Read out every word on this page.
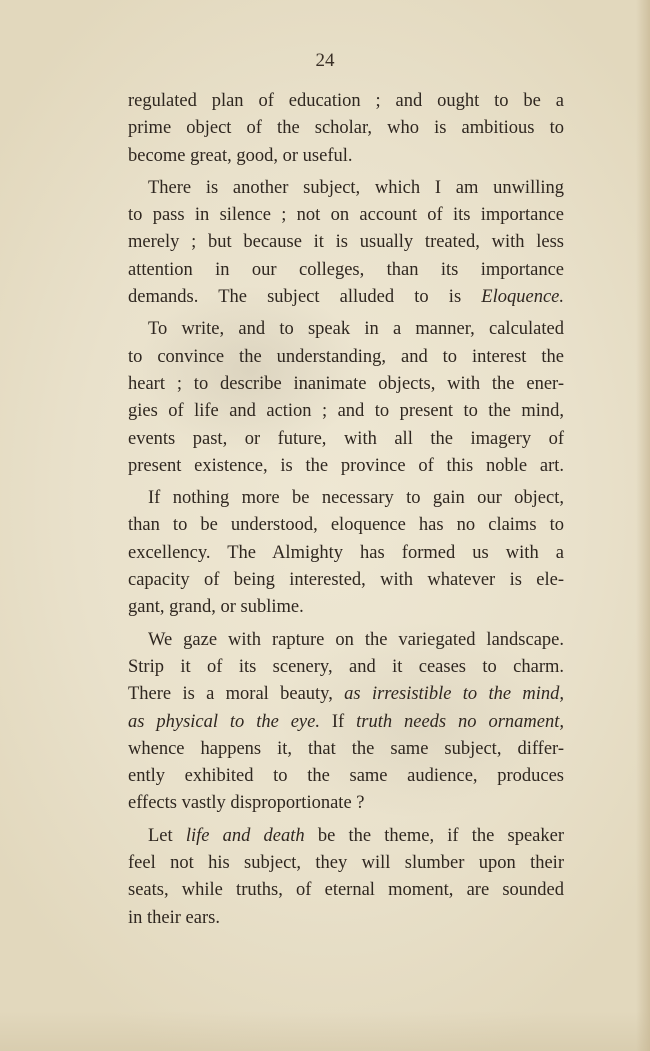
24
regulated plan of education ; and ought to be a
prime object of the scholar, who is ambitious to
become great, good, or useful.
There is another subject, which I am unwilling
to pass in silence ; not on account of its importance
merely ; but because it is usually treated, with less
attention in our colleges, than its importance
demands. The subject alluded to is Eloquence.
To write, and to speak in a manner, calculated
to convince the understanding, and to interest the
heart ; to describe inanimate objects, with the ener-
gies of life and action ; and to present to the mind,
events past, or future, with all the imagery of
present existence, is the province of this noble art.
If nothing more be necessary to gain our object,
than to be understood, eloquence has no claims to
excellency. The Almighty has formed us with a
capacity of being interested, with whatever is ele-
gant, grand, or sublime.
We gaze with rapture on the variegated landscape.
Strip it of its scenery, and it ceases to charm.
There is a moral beauty, as irresistible to the mind,
as physical to the eye. If truth needs no ornament,
whence happens it, that the same subject, differ-
ently exhibited to the same audience, produces
effects vastly disproportionate ?
Let life and death be the theme, if the speaker
feel not his subject, they will slumber upon their
seats, while truths, of eternal moment, are sounded
in their ears.
